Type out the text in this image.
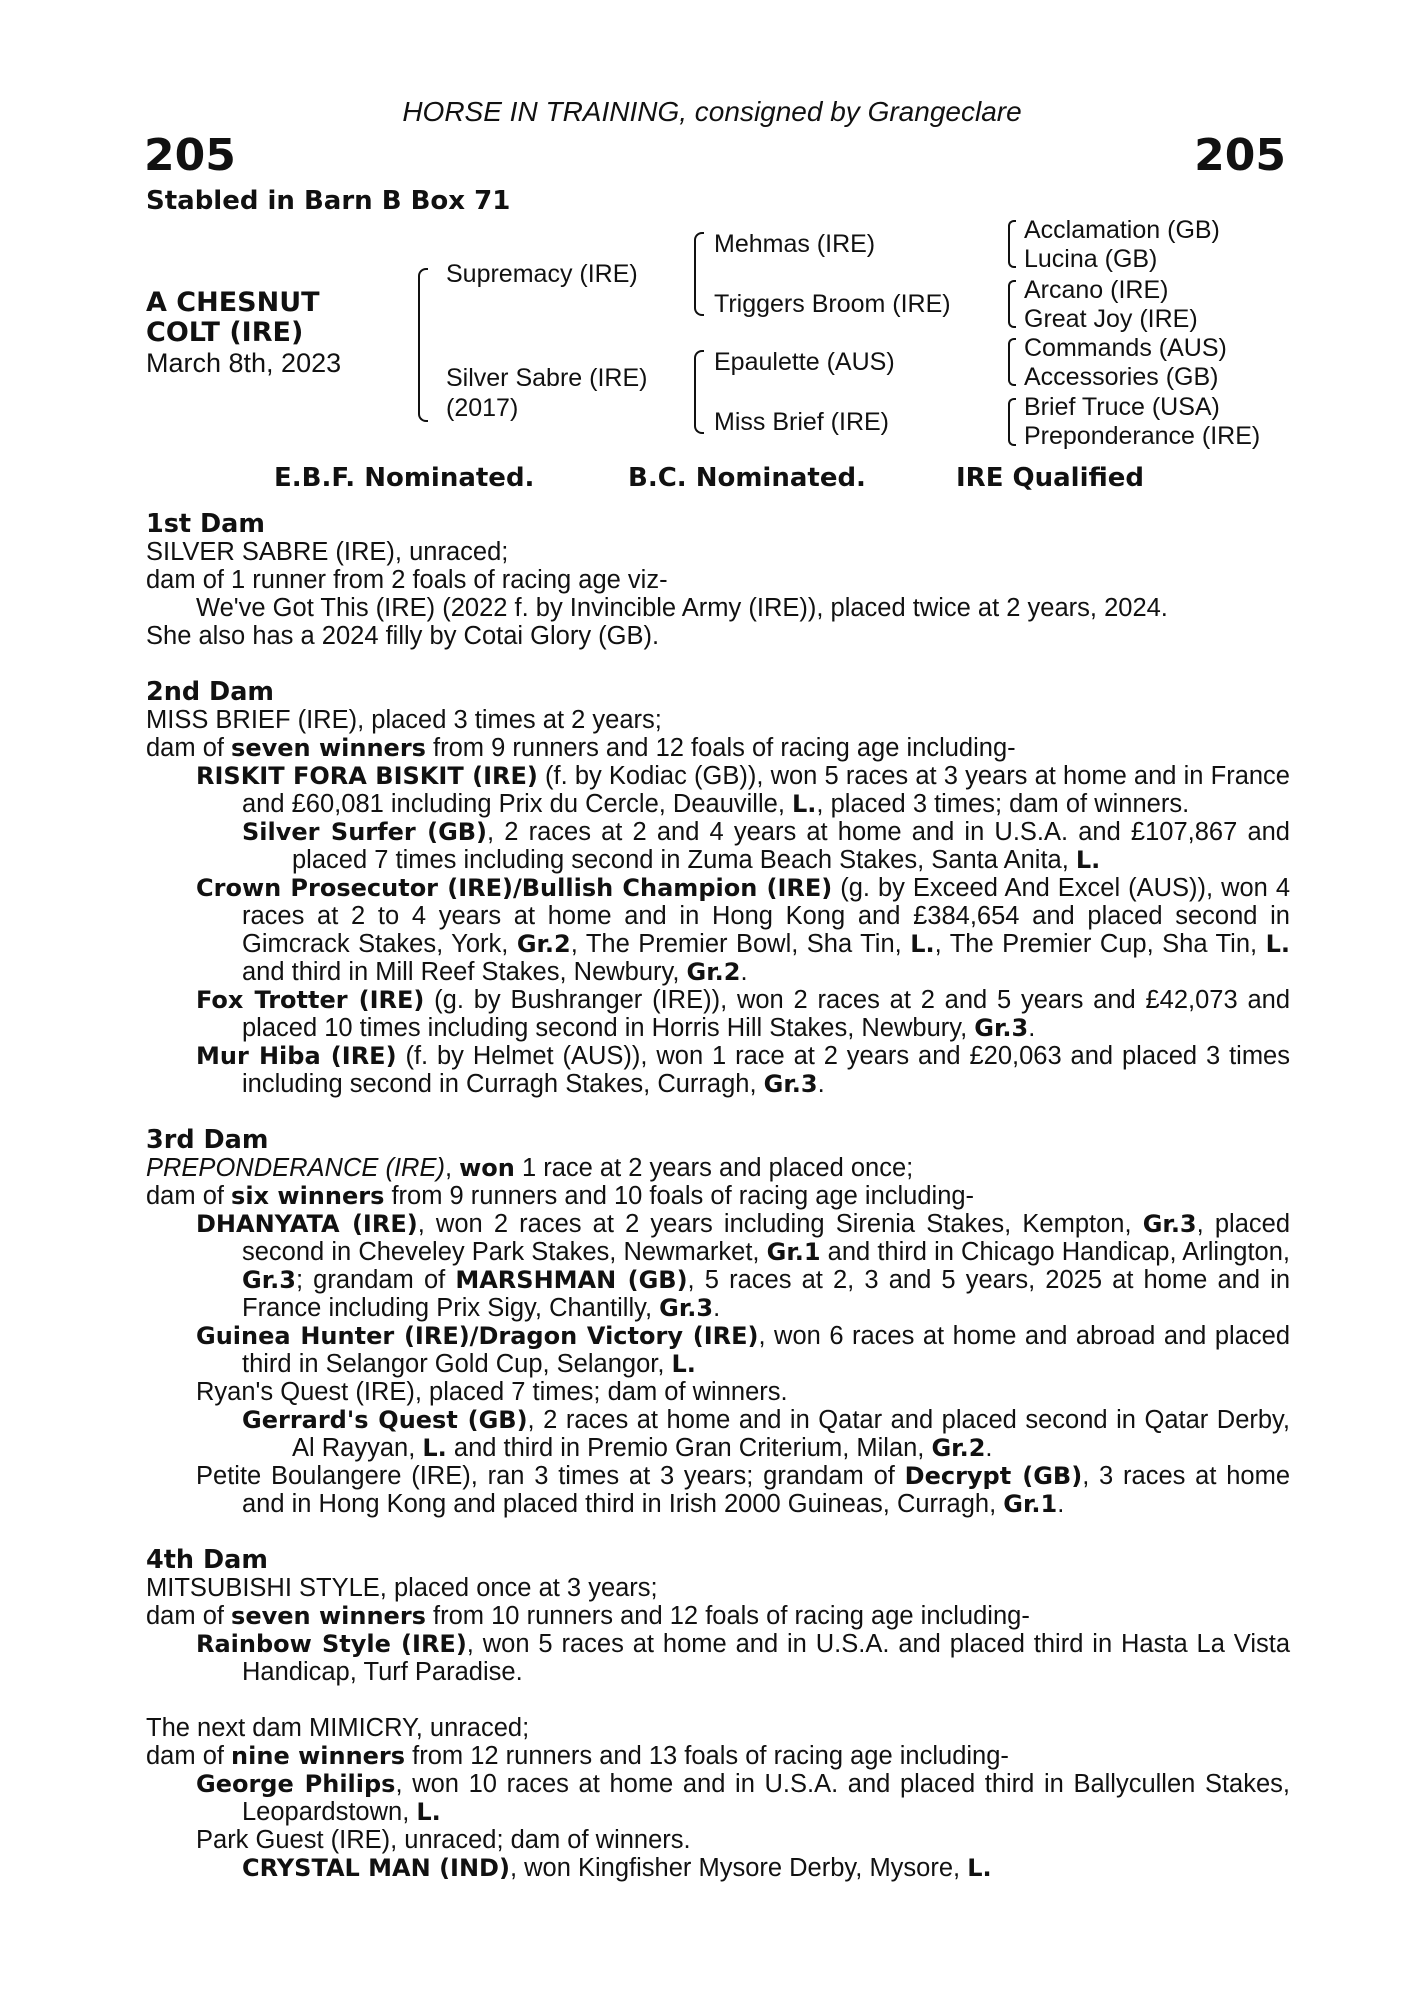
HORSE IN TRAINING, consigned by Grangeclare
205	205
Stabled in Barn B Box 71
A CHESNUT
COLT (IRE)
March 8th, 2023
Supremacy (IRE)
Silver Sabre (IRE)
(2017)
Mehmas (IRE)
Triggers Broom (IRE)
Epaulette (AUS)
Miss Brief (IRE)
Acclamation (GB)
Lucina (GB)
Arcano (IRE)
Great Joy (IRE)
Commands (AUS)
Accessories (GB)
Brief Truce (USA)
Preponderance (IRE)
E.B.F. Nominated.	B.C. Nominated.	IRE Qualified

1st Dam

SILVER SABRE (IRE), unraced;

dam of 1 runner from 2 foals of racing age viz-

We've Got This (IRE) (2022 f. by Invincible Army (IRE)), placed twice at 2 years, 2024.

She also has a 2024 filly by Cotai Glory (GB).

2nd Dam

MISS BRIEF (IRE), placed 3 times at 2 years;

dam of seven winners from 9 runners and 12 foals of racing age including-

RISKIT FORA BISKIT (IRE) (f. by Kodiac (GB)), won 5 races at 3 years at home and in France and £60,081 including Prix du Cercle, Deauville, L., placed 3 times; dam of winners.

Silver Surfer (GB), 2 races at 2 and 4 years at home and in U.S.A. and £107,867 and placed 7 times including second in Zuma Beach Stakes, Santa Anita, L.

Crown Prosecutor (IRE)/Bullish Champion (IRE) (g. by Exceed And Excel (AUS)), won 4 races at 2 to 4 years at home and in Hong Kong and £384,654 and placed second in Gimcrack Stakes, York, Gr.2, The Premier Bowl, Sha Tin, L., The Premier Cup, Sha Tin, L. and third in Mill Reef Stakes, Newbury, Gr.2.

Fox Trotter (IRE) (g. by Bushranger (IRE)), won 2 races at 2 and 5 years and £42,073 and placed 10 times including second in Horris Hill Stakes, Newbury, Gr.3.

Mur Hiba (IRE) (f. by Helmet (AUS)), won 1 race at 2 years and £20,063 and placed 3 times including second in Curragh Stakes, Curragh, Gr.3.

3rd Dam

PREPONDERANCE (IRE), won 1 race at 2 years and placed once;

dam of six winners from 9 runners and 10 foals of racing age including-

DHANYATA (IRE), won 2 races at 2 years including Sirenia Stakes, Kempton, Gr.3, placed second in Cheveley Park Stakes, Newmarket, Gr.1 and third in Chicago Handicap, Arlington, Gr.3; grandam of MARSHMAN (GB), 5 races at 2, 3 and 5 years, 2025 at home and in France including Prix Sigy, Chantilly, Gr.3.

Guinea Hunter (IRE)/Dragon Victory (IRE), won 6 races at home and abroad and placed third in Selangor Gold Cup, Selangor, L.

Ryan's Quest (IRE), placed 7 times; dam of winners.

Gerrard's Quest (GB), 2 races at home and in Qatar and placed second in Qatar Derby, Al Rayyan, L. and third in Premio Gran Criterium, Milan, Gr.2.

Petite Boulangere (IRE), ran 3 times at 3 years; grandam of Decrypt (GB), 3 races at home and in Hong Kong and placed third in Irish 2000 Guineas, Curragh, Gr.1.

4th Dam

MITSUBISHI STYLE, placed once at 3 years;

dam of seven winners from 10 runners and 12 foals of racing age including-

Rainbow Style (IRE), won 5 races at home and in U.S.A. and placed third in Hasta La Vista Handicap, Turf Paradise.

The next dam MIMICRY, unraced;

dam of nine winners from 12 runners and 13 foals of racing age including-

George Philips, won 10 races at home and in U.S.A. and placed third in Ballycullen Stakes, Leopardstown, L.

Park Guest (IRE), unraced; dam of winners.

CRYSTAL MAN (IND), won Kingfisher Mysore Derby, Mysore, L.
